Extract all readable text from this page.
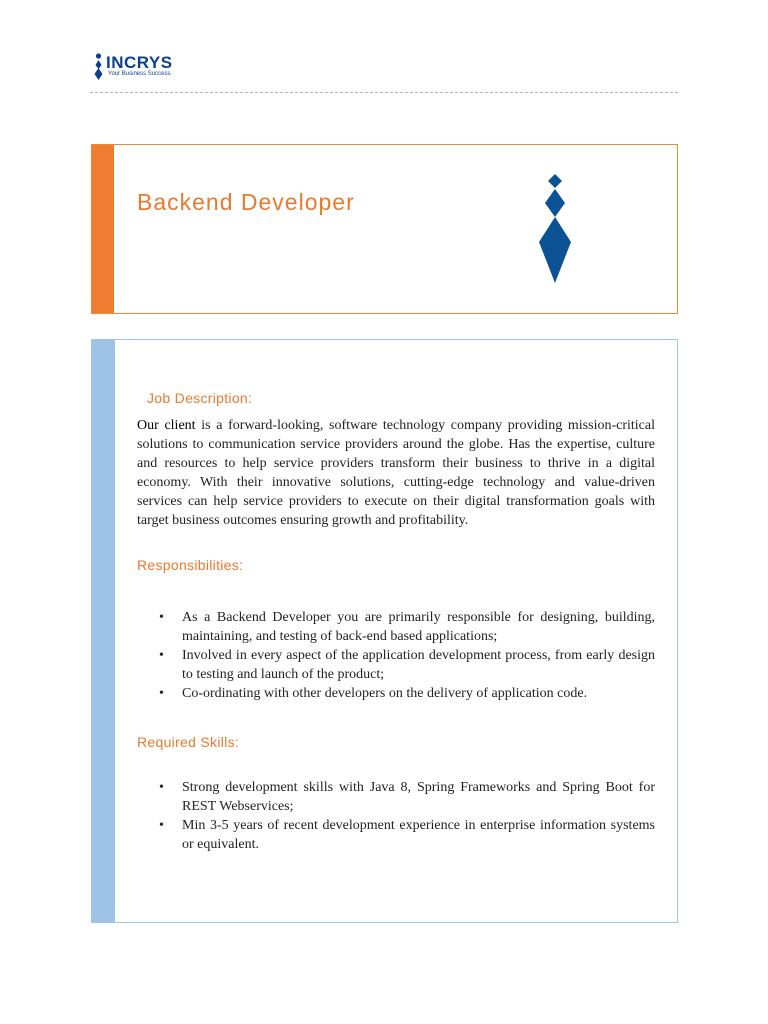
INCRYS
Your Business Success
Backend Developer
Job Description:

Our client is a forward-looking, software technology company providing mission-critical solutions to communication service providers around the globe. Has the expertise, culture and resources to help service providers transform their business to thrive in a digital economy. With their innovative solutions, cutting-edge technology and value-driven services can help service providers to execute on their digital transformation goals with target business outcomes ensuring growth and profitability.

Responsibilities:
• As a Backend Developer you are primarily responsible for designing, building, maintaining, and testing of back-end based applications;
• Involved in every aspect of the application development process, from early design to testing and launch of the product;
• Co-ordinating with other developers on the delivery of application code.
Required Skills:
• Strong development skills with Java 8, Spring Frameworks and Spring Boot for REST Webservices;
• Min 3-5 years of recent development experience in enterprise information systems or equivalent.
